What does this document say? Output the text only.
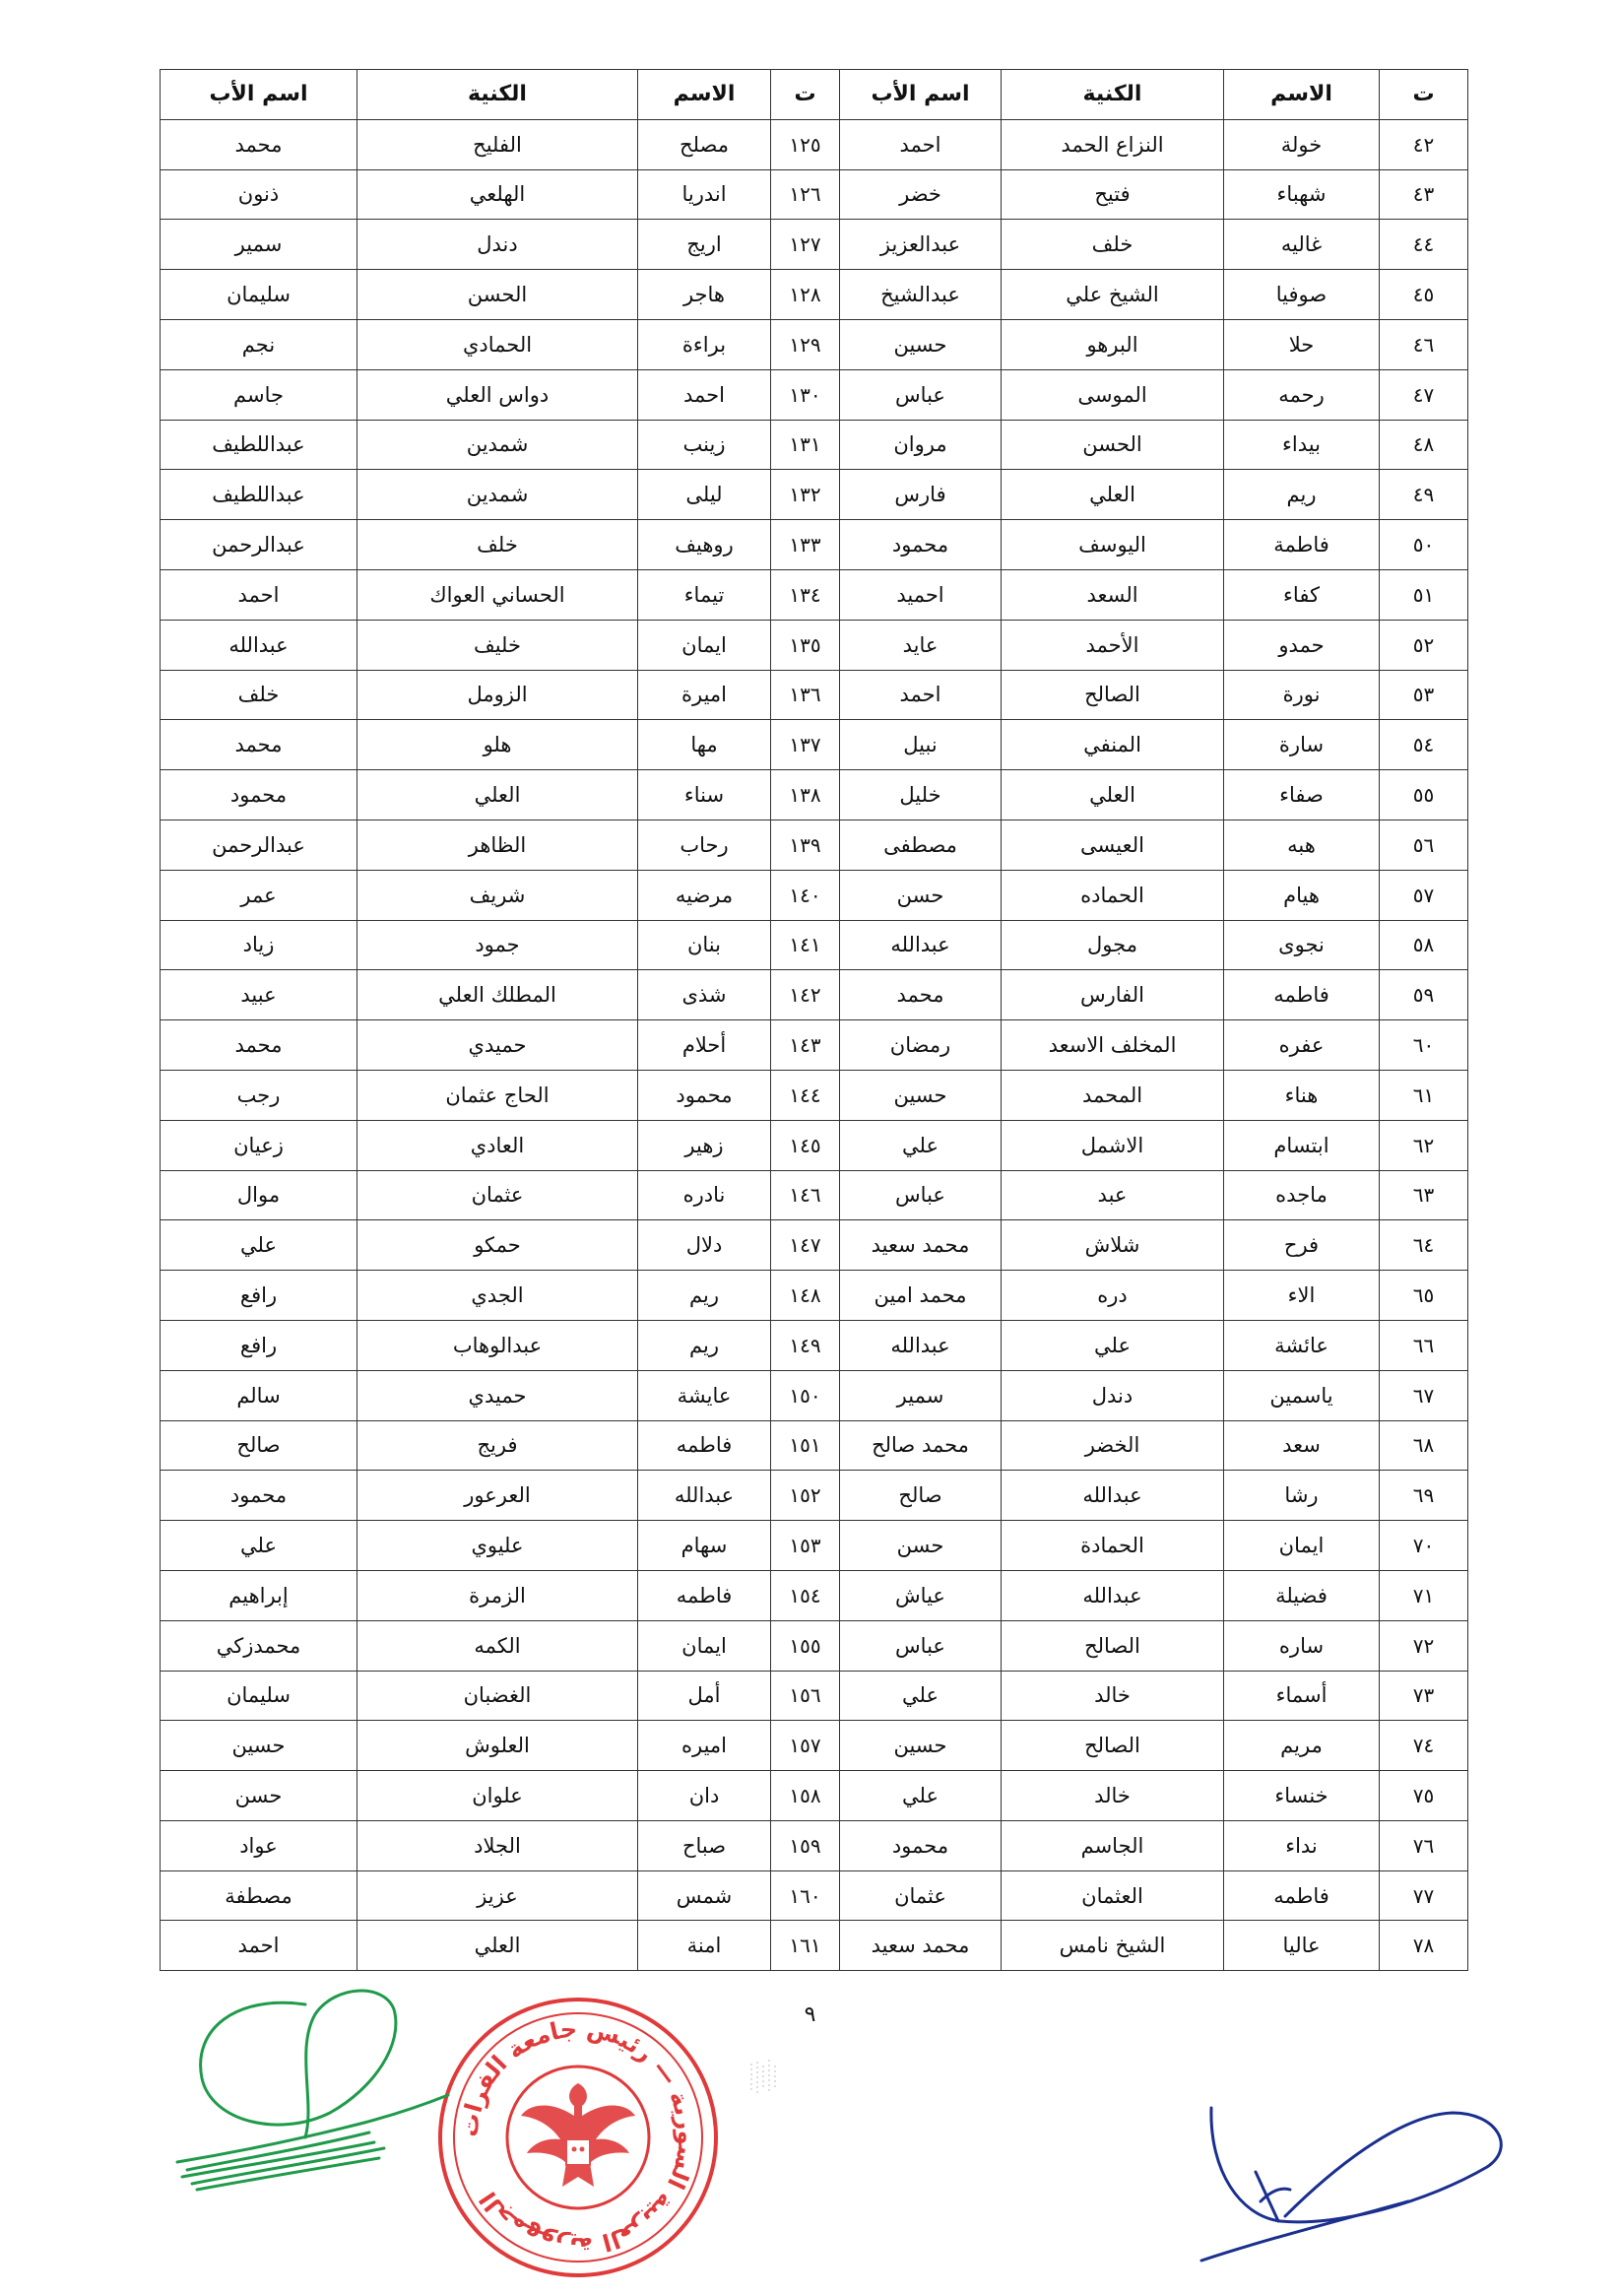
ت	الاسم	الكنية	اسم الأب	ت	الاسم	الكنية	اسم الأب
٤٢	خولة	النزاع الحمد	احمد	١٢٥	مصلح	الفليح	محمد
٤٣	شهباء	فتيح	خضر	١٢٦	اندريا	الهلعي	ذنون
٤٤	غاليه	خلف	عبدالعزيز	١٢٧	اريج	دندل	سمير
٤٥	صوفيا	الشيخ علي	عبدالشيخ	١٢٨	هاجر	الحسن	سليمان
٤٦	حلا	البرهو	حسين	١٢٩	براءة	الحمادي	نجم
٤٧	رحمه	الموسى	عباس	١٣٠	احمد	دواس العلي	جاسم
٤٨	بيداء	الحسن	مروان	١٣١	زينب	شمدين	عبداللطيف
٤٩	ريم	العلي	فارس	١٣٢	ليلى	شمدين	عبداللطيف
٥٠	فاطمة	اليوسف	محمود	١٣٣	روهيف	خلف	عبدالرحمن
٥١	كفاء	السعد	احميد	١٣٤	تيماء	الحساني العواك	احمد
٥٢	حمدو	الأحمد	عايد	١٣٥	ايمان	خليف	عبدالله
٥٣	نورة	الصالح	احمد	١٣٦	اميرة	الزومل	خلف
٥٤	سارة	المنفي	نبيل	١٣٧	مها	هلو	محمد
٥٥	صفاء	العلي	خليل	١٣٨	سناء	العلي	محمود
٥٦	هبه	العيسى	مصطفى	١٣٩	رحاب	الظاهر	عبدالرحمن
٥٧	هيام	الحماده	حسن	١٤٠	مرضيه	شريف	عمر
٥٨	نجوى	مجول	عبدالله	١٤١	بنان	جمود	زياد
٥٩	فاطمه	الفارس	محمد	١٤٢	شذى	المطلك العلي	عبيد
٦٠	عفره	المخلف الاسعد	رمضان	١٤٣	أحلام	حميدي	محمد
٦١	هناء	المحمد	حسين	١٤٤	محمود	الحاج عثمان	رجب
٦٢	ابتسام	الاشمل	علي	١٤٥	زهير	العادي	زعيان
٦٣	ماجده	عبد	عباس	١٤٦	نادره	عثمان	موال
٦٤	فرح	شلاش	محمد سعيد	١٤٧	دلال	حمكو	علي
٦٥	الاء	دره	محمد امين	١٤٨	ريم	الجدي	رافع
٦٦	عائشة	علي	عبدالله	١٤٩	ريم	عبدالوهاب	رافع
٦٧	ياسمين	دندل	سمير	١٥٠	عايشة	حميدي	سالم
٦٨	سعد	الخضر	محمد صالح	١٥١	فاطمه	فريج	صالح
٦٩	رشا	عبدالله	صالح	١٥٢	عبدالله	العرعور	محمود
٧٠	ايمان	الحمادة	حسن	١٥٣	سهام	عليوي	علي
٧١	فضيلة	عبدالله	عياش	١٥٤	فاطمه	الزمرة	إبراهيم
٧٢	ساره	الصالح	عباس	١٥٥	ايمان	الكمه	محمدزكي
٧٣	أسماء	خالد	علي	١٥٦	أمل	الغضبان	سليمان
٧٤	مريم	الصالح	حسين	١٥٧	اميره	العلوش	حسين
٧٥	خنساء	خالد	علي	١٥٨	دان	علوان	حسن
٧٦	نداء	الجاسم	محمود	١٥٩	صباح	الجلاد	عواد
٧٧	فاطمه	العثمان	عثمان	١٦٠	شمس	عزيز	مصطفة
٧٨	عاليا	الشيخ نامس	محمد سعيد	١٦١	امنة	العلي	احمد
٩
الجمهورية العربية السورية — رئيس جامعة الفرات
